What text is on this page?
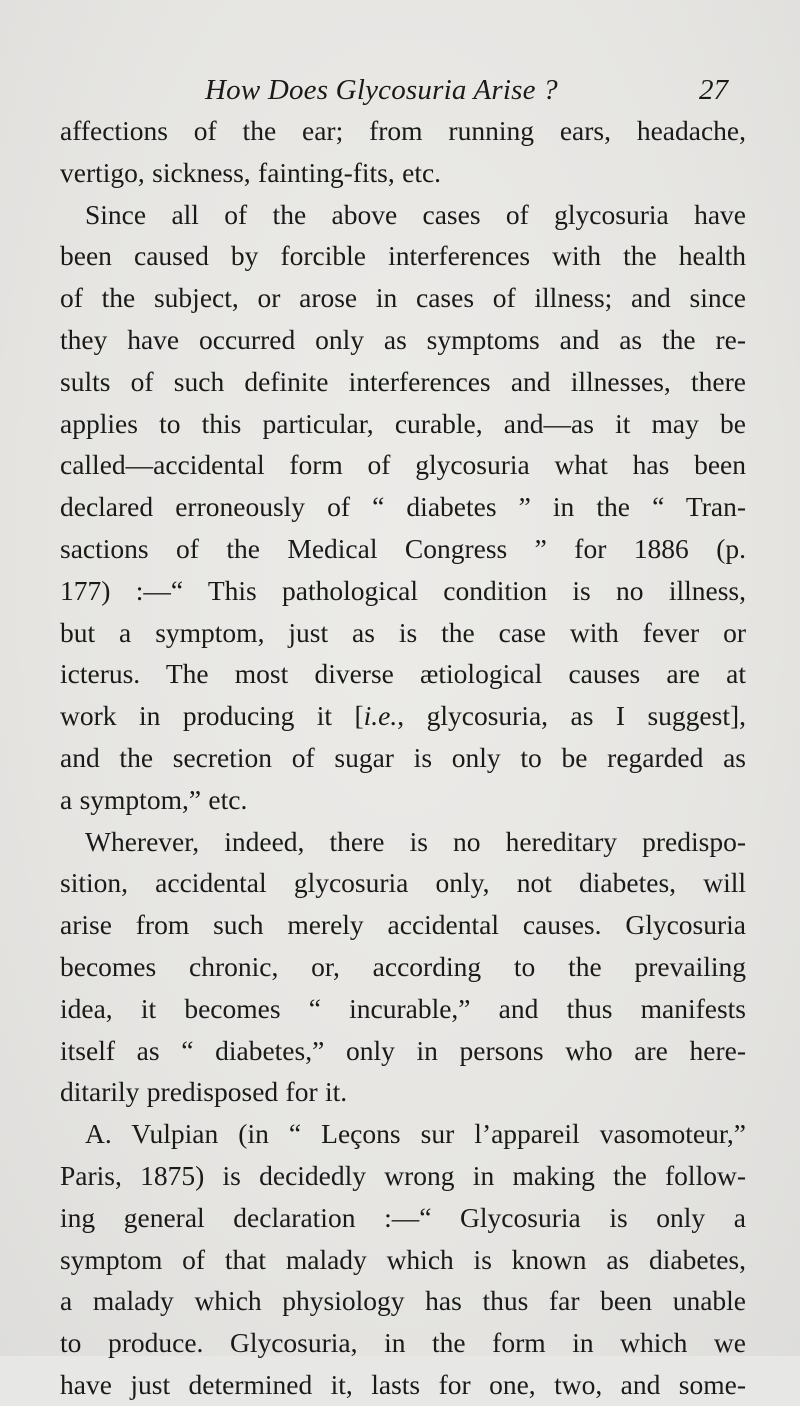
How Does Glycosuria Arise ?	27
affections of the ear; from running ears, headache,
vertigo, sickness, fainting-fits, etc.
Since all of the above cases of glycosuria have
been caused by forcible interferences with the health
of the subject, or arose in cases of illness; and since
they have occurred only as symptoms and as the re-
sults of such definite interferences and illnesses, there
applies to this particular, curable, and—as it may be
called—accidental form of glycosuria what has been
declared erroneously of “ diabetes ” in the “ Tran-
sactions of the Medical Congress ” for 1886 (p.
177) :—“ This pathological condition is no illness,
but a symptom, just as is the case with fever or
icterus. The most diverse ætiological causes are at
work in producing it [i.e., glycosuria, as I suggest],
and the secretion of sugar is only to be regarded as
a symptom,” etc.
Wherever, indeed, there is no hereditary predispo-
sition, accidental glycosuria only, not diabetes, will
arise from such merely accidental causes. Glycosuria
becomes chronic, or, according to the prevailing
idea, it becomes “ incurable,” and thus manifests
itself as “ diabetes,” only in persons who are here-
ditarily predisposed for it.
A. Vulpian (in “ Leçons sur l’appareil vasomoteur,”
Paris, 1875) is decidedly wrong in making the follow-
ing general declaration :—“ Glycosuria is only a
symptom of that malady which is known as diabetes,
a malady which physiology has thus far been unable
to produce. Glycosuria, in the form in which we
have just determined it, lasts for one, two, and some-
